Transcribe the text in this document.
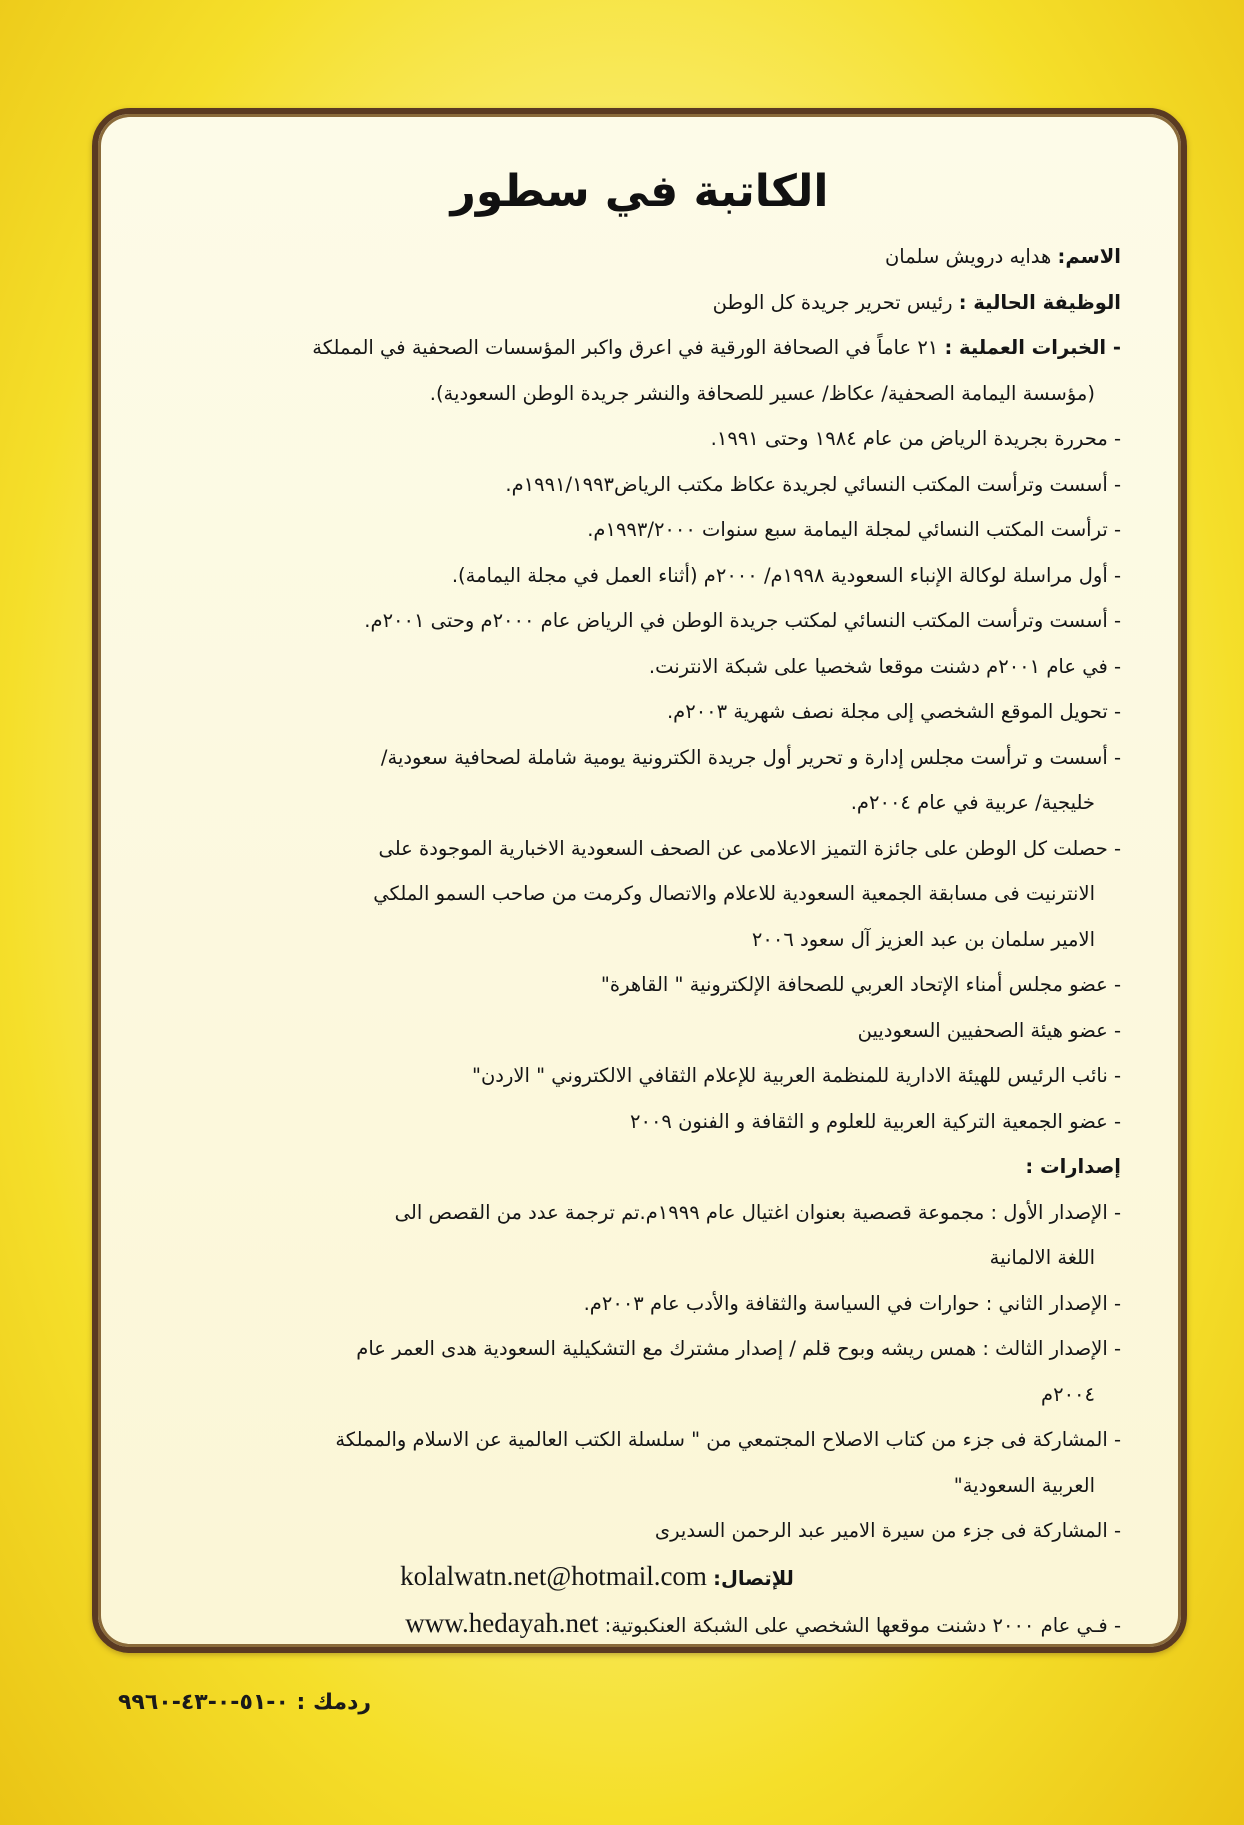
الكاتبة في سطور
الاسم: هدايه درويش سلمان
الوظيفة الحالية : رئيس تحرير جريدة كل الوطن
- الخبرات العملية : ٢١ عاماً في الصحافة الورقية في اعرق واكبر المؤسسات الصحفية في المملكة
(مؤسسة اليمامة الصحفية/ عكاظ/ عسير للصحافة والنشر جريدة الوطن السعودية).
- محررة بجريدة الرياض من عام ١٩٨٤ وحتى ١٩٩١.
- أسست وترأست المكتب النسائي لجريدة عكاظ مكتب الرياض١٩٩١/١٩٩٣م.
- ترأست المكتب النسائي لمجلة اليمامة سبع سنوات ١٩٩٣/٢٠٠٠م.
- أول مراسلة لوكالة الإنباء السعودية ١٩٩٨م/ ٢٠٠٠م (أثناء العمل في مجلة اليمامة).
- أسست وترأست المكتب النسائي لمكتب جريدة الوطن في الرياض عام ٢٠٠٠م وحتى ٢٠٠١م.
- في عام ٢٠٠١م دشنت موقعا شخصيا على شبكة الانترنت.
- تحويل الموقع الشخصي إلى مجلة نصف شهرية ٢٠٠٣م.
- أسست و ترأست مجلس إدارة و تحرير أول جريدة الكترونية يومية شاملة لصحافية سعودية/
خليجية/ عربية في عام ٢٠٠٤م.
- حصلت كل الوطن على جائزة التميز الاعلامى عن الصحف السعودية الاخبارية الموجودة على
الانترنيت فى مسابقة الجمعية السعودية للاعلام والاتصال وكرمت من صاحب السمو الملكي
الامير سلمان بن عبد العزيز آل سعود ٢٠٠٦
- عضو مجلس أمناء الإتحاد العربي للصحافة الإلكترونية " القاهرة"
- عضو هيئة الصحفيين السعوديين
- نائب الرئيس للهيئة الادارية للمنظمة العربية للإعلام الثقافي الالكتروني " الاردن"
- عضو الجمعية التركية العربية للعلوم و الثقافة و الفنون ٢٠٠٩
إصدارات :
- الإصدار الأول : مجموعة قصصية بعنوان اغتيال عام ١٩٩٩م.تم ترجمة عدد من القصص الى
اللغة الالمانية
- الإصدار الثاني : حوارات في السياسة والثقافة والأدب عام ٢٠٠٣م.
- الإصدار الثالث : همس ريشه وبوح قلم / إصدار مشترك مع التشكيلية السعودية هدى العمر عام
٢٠٠٤م
- المشاركة فى جزء من كتاب الاصلاح المجتمعي من " سلسلة الكتب العالمية عن الاسلام والمملكة
العربية السعودية"
- المشاركة فى جزء من سيرة الامير عبد الرحمن السديرى
للإتصال: kolalwatn.net@hotmail.com
- فـي عام ٢٠٠٠ دشنت موقعها الشخصي على الشبكة العنكبوتية: www.hedayah.net
ردمك : ٠-٥١-٠-٤٣-٩٩٦٠
